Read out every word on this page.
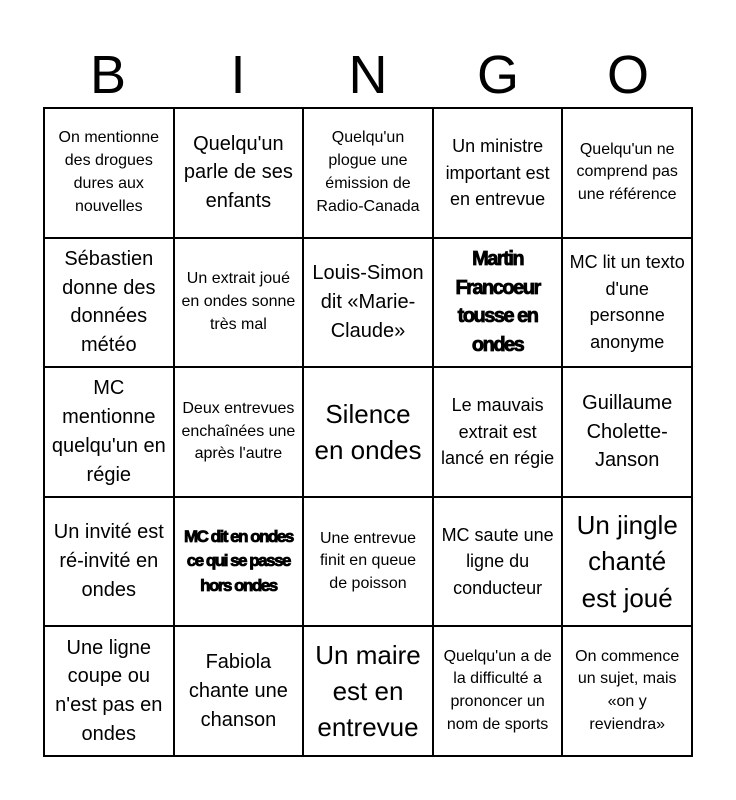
B	I	N	G	O
On mentionne des drogues dures aux nouvelles
Quelqu'un parle de ses enfants
Quelqu'un plogue une émission de Radio-Canada
Un ministre important est en entrevue
Quelqu'un ne comprend pas une référence
Sébastien donne des données météo
Un extrait joué en ondes sonne très mal
Louis-Simon dit «Marie-Claude»
Martin Francoeur tousse en ondes
MC lit un texto d'une personne anonyme
MC mentionne quelqu'un en régie
Deux entrevues enchaînées une après l'autre
Silence en ondes
Le mauvais extrait est lancé en régie
Guillaume Cholette-Janson
Un invité est ré-invité en ondes
MC dit en ondes ce qui se passe hors ondes
Une entrevue finit en queue de poisson
MC saute une ligne du conducteur
Un jingle chanté est joué
Une ligne coupe ou n'est pas en ondes
Fabiola chante une chanson
Un maire est en entrevue
Quelqu'un a de la difficulté a prononcer un nom de sports
On commence un sujet, mais «on y reviendra»
